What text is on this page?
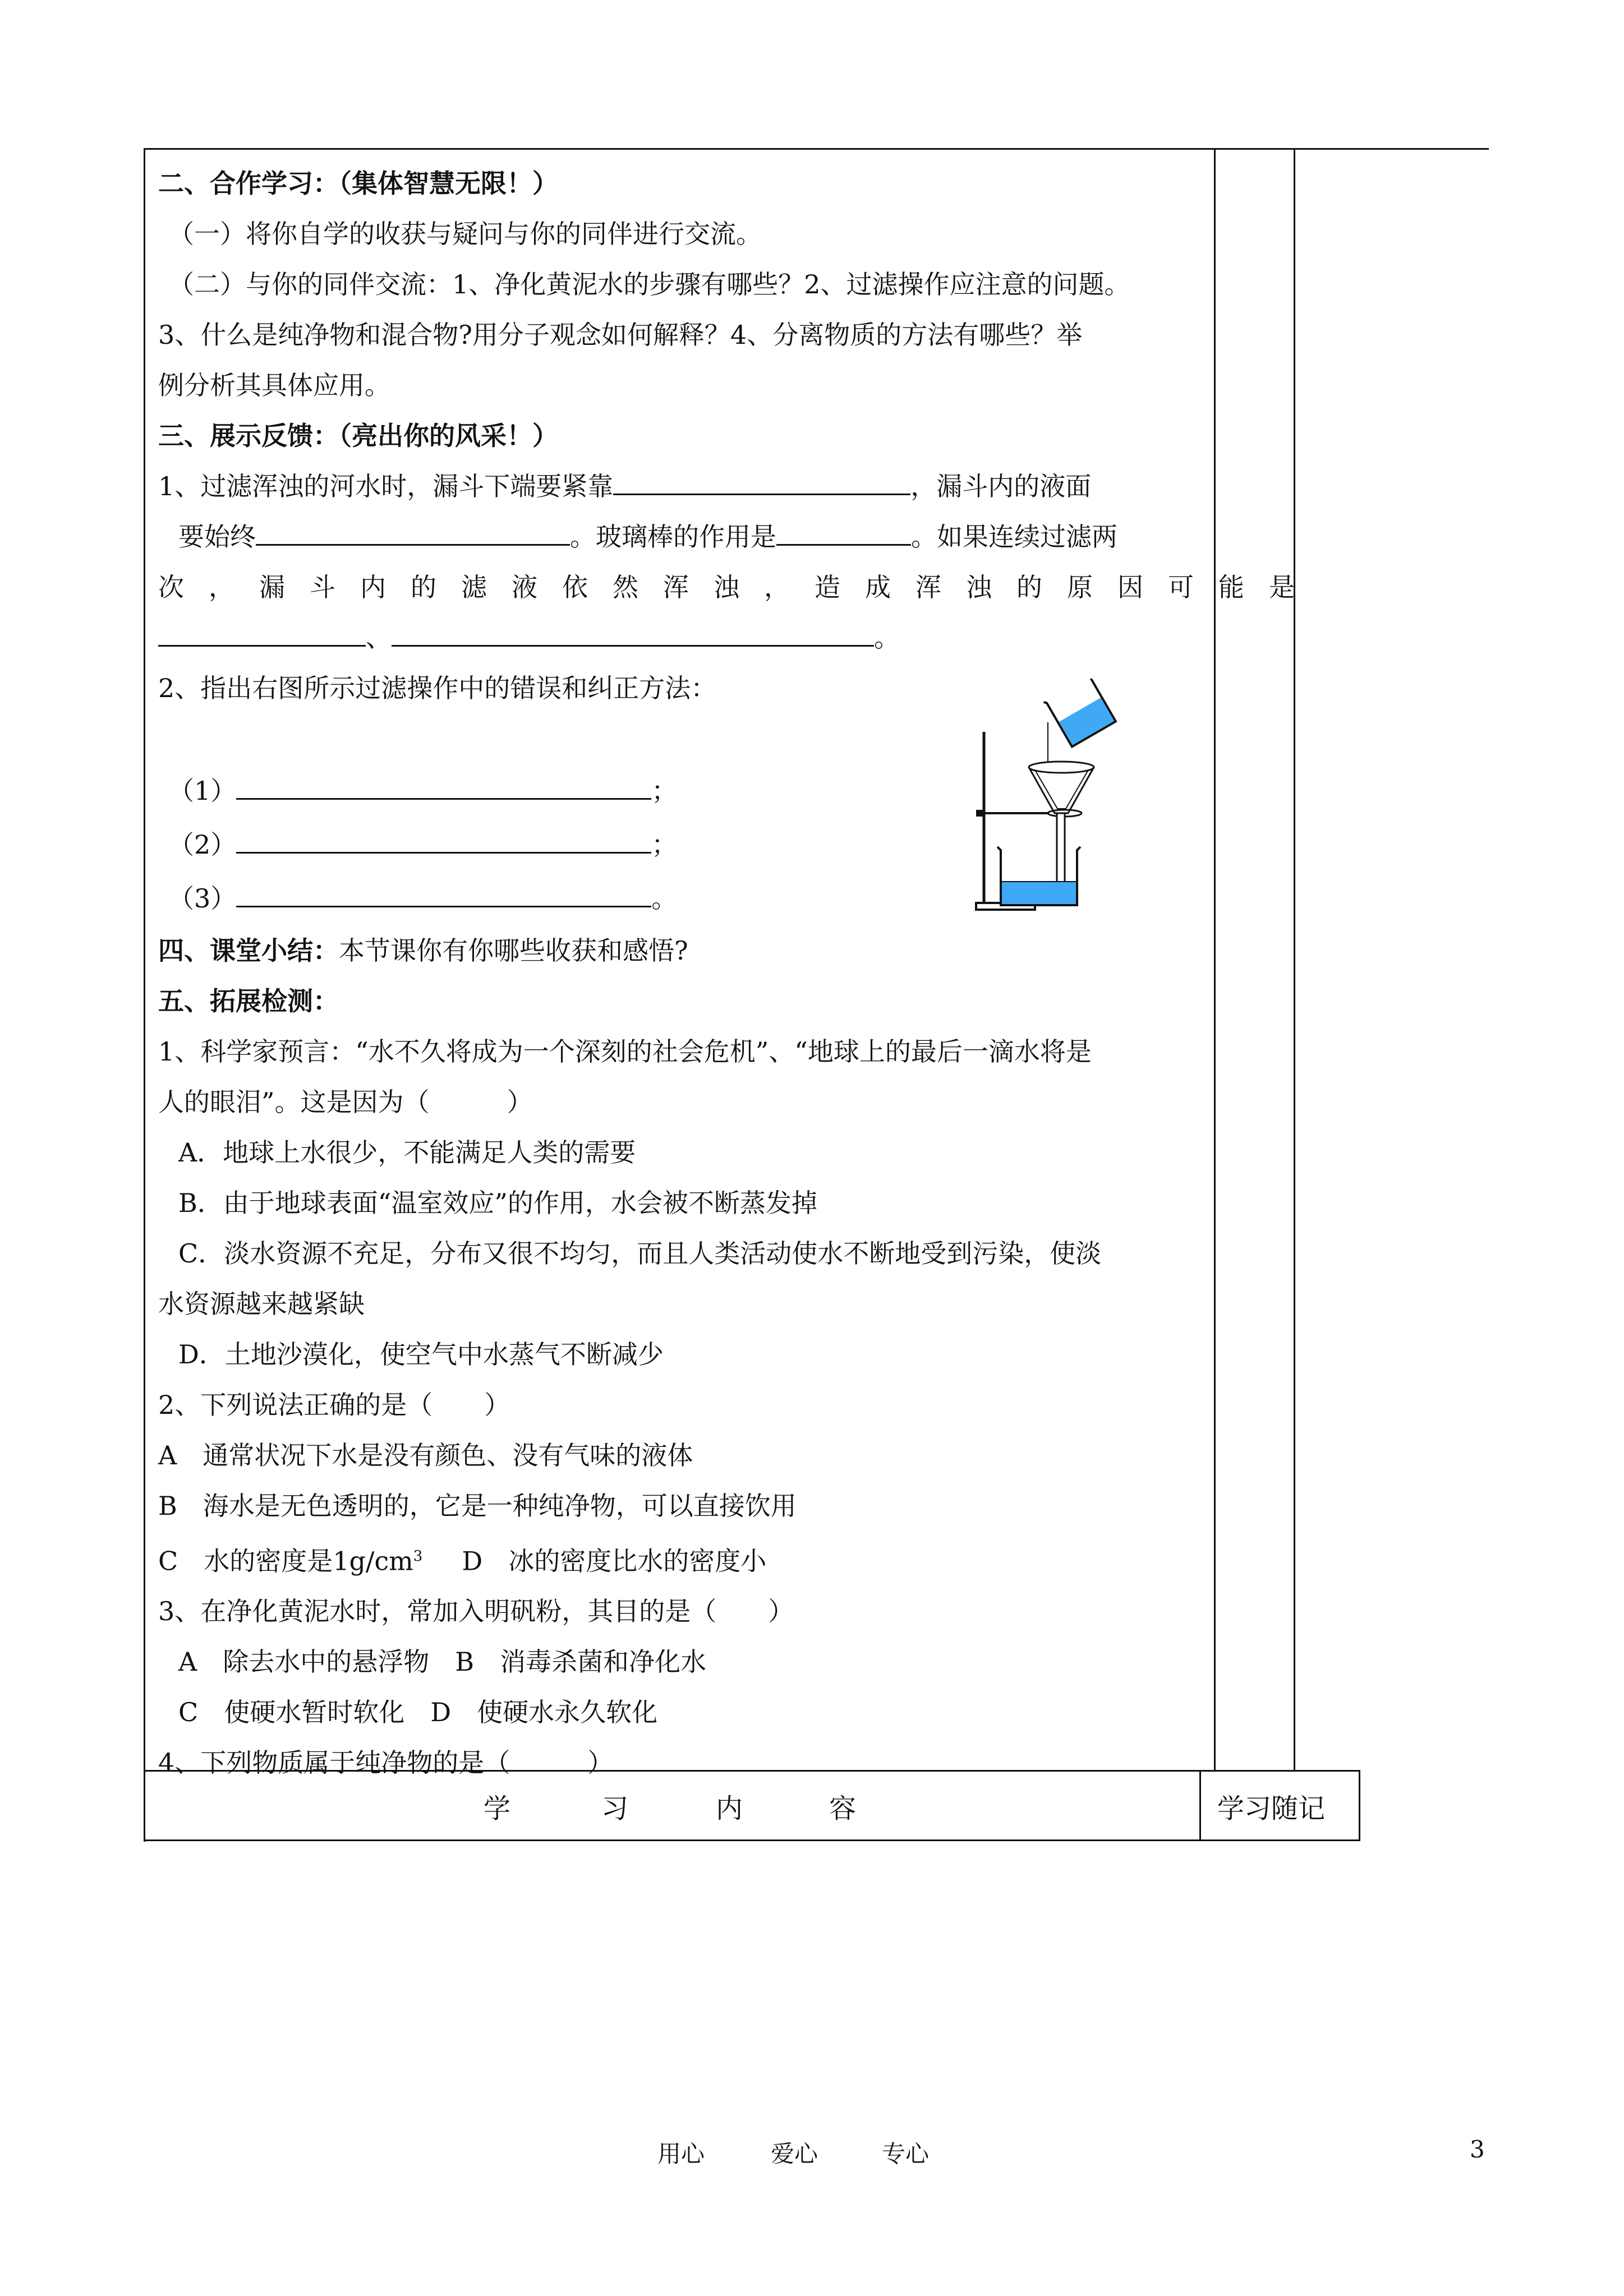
二、合作学习：（集体智慧无限！）
（一）将你自学的收获与疑问与你的同伴进行交流。
（二）与你的同伴交流：1、净化黄泥水的步骤有哪些？2、过滤操作应注意的问题。
3、什么是纯净物和混合物?用分子观念如何解释？4、分离物质的方法有哪些？举
例分析其具体应用。
三、展示反馈：（亮出你的风采！）
1、过滤浑浊的河水时，漏斗下端要紧靠	，漏斗内的液面
要始终	。玻璃棒的作用是	。如果连续过滤两
次，漏斗内的滤液依然浑浊，造成浑浊的原因可能是
、	。
2、指出右图所示过滤操作中的错误和纠正方法：
（1）	；
（2）	；
（3）	。
四、课堂小结：本节课你有你哪些收获和感悟?
五、拓展检测：
1、科学家预言：“水不久将成为一个深刻的社会危机”、“地球上的最后一滴水将是
人的眼泪”。这是因为（　　　）
A．地球上水很少，不能满足人类的需要
B．由于地球表面“温室效应”的作用，水会被不断蒸发掉
C．淡水资源不充足，分布又很不均匀，而且人类活动使水不断地受到污染，使淡
水资源越来越紧缺
D．土地沙漠化，使空气中水蒸气不断减少
2、下列说法正确的是（　　）
A　通常状况下水是没有颜色、没有气味的液体
B　海水是无色透明的，它是一种纯净物，可以直接饮用
C　水的密度是$1g/cm^3$ D　冰的密度比水的密度小
3、在净化黄泥水时，常加入明矾粉，其目的是（　　）
A　除去水中的悬浮物　B　消毒杀菌和净化水
C　使硬水暂时软化　D　使硬水永久软化
4、下列物质属于纯净物的是（　　　）
学	习	内	容	学习随记
用心	爱心	专心	3
